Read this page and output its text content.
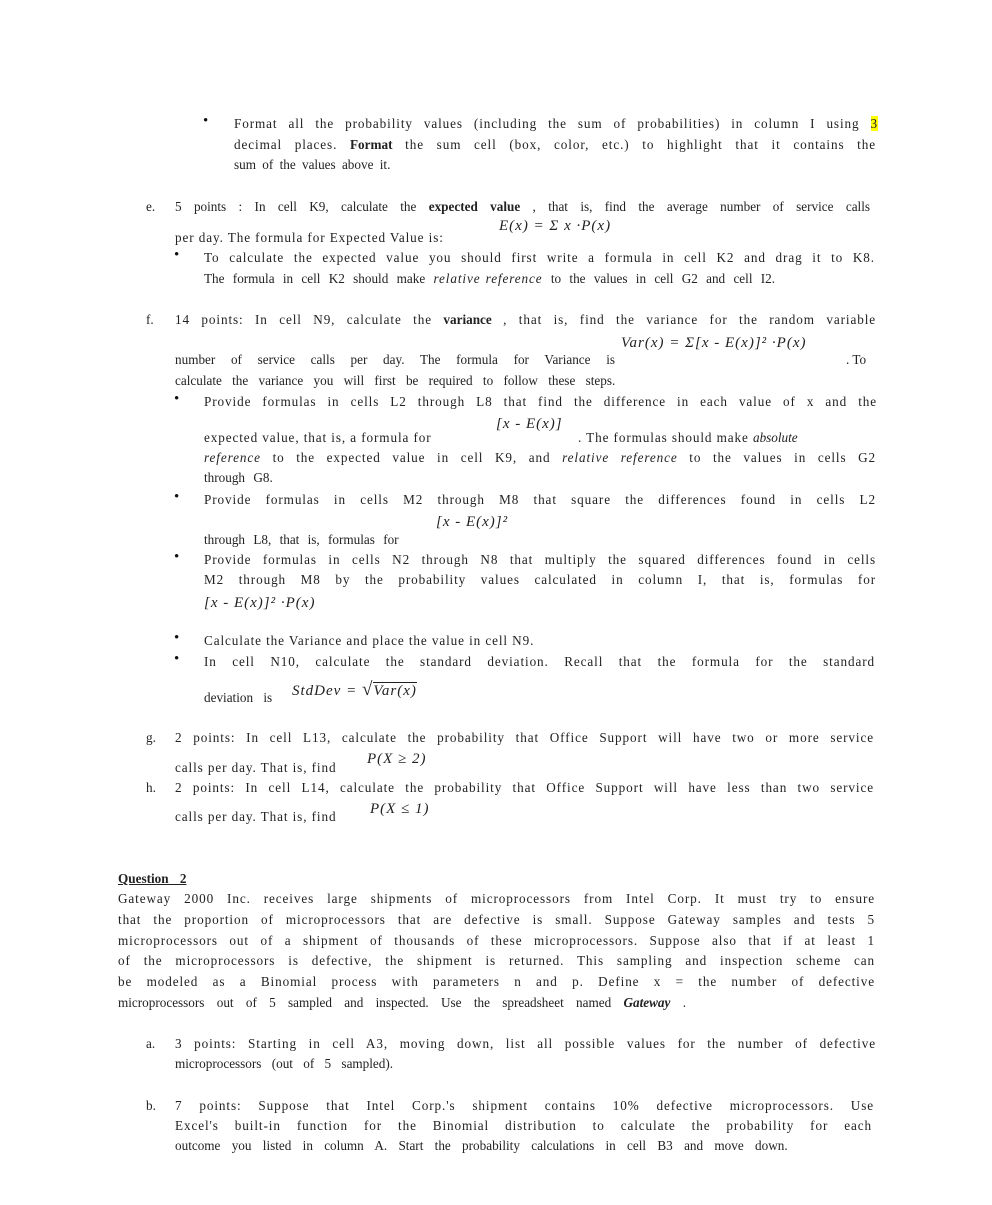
• Format all the probability values (including the sum of probabilities) in column I using 3
decimal places. Format the sum cell (box, color, etc.) to highlight that it contains the
sum of the values above it.
e. 5 points : In cell K9, calculate the expected value , that is, find the average number of service calls
E(x) = Σ x ·P(x)
per day. The formula for Expected Value is:
• To calculate the expected value you should first write a formula in cell K2 and drag it to K8.
The formula in cell K2 should make relative reference to the values in cell G2 and cell I2.
f. 14 points: In cell N9, calculate the variance , that is, find the variance for the random variable
Var(x) = Σ[x - E(x)]² ·P(x)
number of service calls per day. The formula for Variance is	. To
calculate the variance you will first be required to follow these steps.
• Provide formulas in cells L2 through L8 that find the difference in each value of x and the
[x - E(x)]
expected value, that is, a formula for	. The formulas should make absolute
reference to the expected value in cell K9, and relative reference to the values in cells G2
through G8.
• Provide formulas in cells M2 through M8 that square the differences found in cells L2
[x - E(x)]²
through L8, that is, formulas for
• Provide formulas in cells N2 through N8 that multiply the squared differences found in cells
M2 through M8 by the probability values calculated in column I, that is, formulas for
[x - E(x)]² ·P(x)
• Calculate the Variance and place the value in cell N9.
• In cell N10, calculate the standard deviation. Recall that the formula for the standard
StdDev = √Var(x)
deviation is
g. 2 points: In cell L13, calculate the probability that Office Support will have two or more service
P(X ≥ 2)
calls per day. That is, find
h. 2 points: In cell L14, calculate the probability that Office Support will have less than two service
P(X ≤ 1)
calls per day. That is, find
Question 2
Gateway 2000 Inc. receives large shipments of microprocessors from Intel Corp. It must try to ensure
that the proportion of microprocessors that are defective is small. Suppose Gateway samples and tests 5
microprocessors out of a shipment of thousands of these microprocessors. Suppose also that if at least 1
of the microprocessors is defective, the shipment is returned. This sampling and inspection scheme can
be modeled as a Binomial process with parameters n and p. Define x = the number of defective
microprocessors out of 5 sampled and inspected. Use the spreadsheet named Gateway .
a. 3 points: Starting in cell A3, moving down, list all possible values for the number of defective
microprocessors (out of 5 sampled).
b. 7 points: Suppose that Intel Corp.'s shipment contains 10% defective microprocessors. Use
Excel's built-in function for the Binomial distribution to calculate the probability for each
outcome you listed in column A. Start the probability calculations in cell B3 and move down.
